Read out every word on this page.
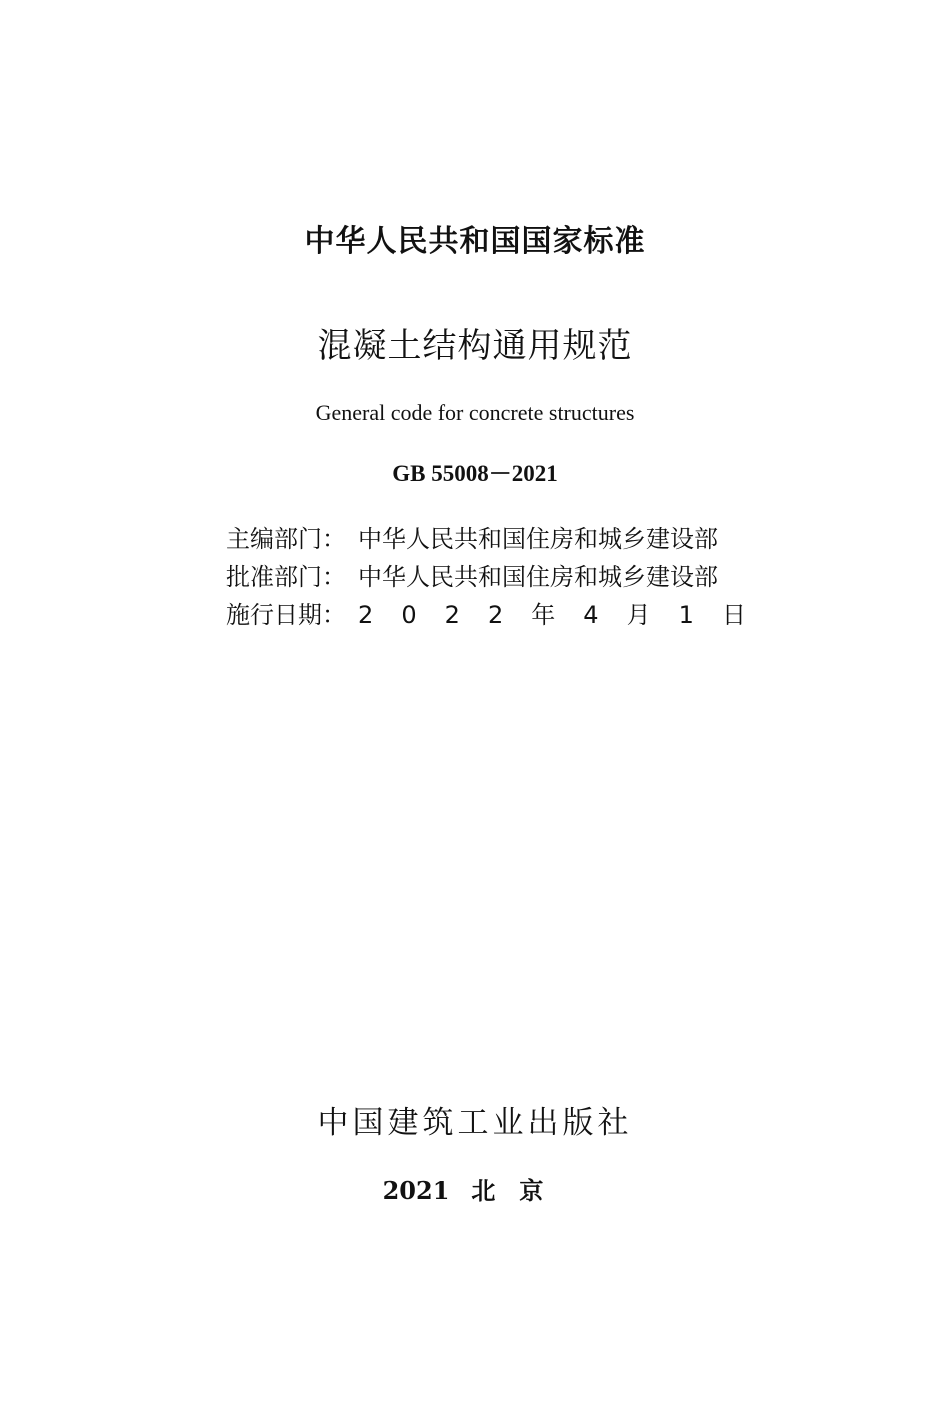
中华人民共和国国家标准
混凝土结构通用规范
General code for concrete structures
GB 55008－2021
主编部门： 中华人民共和国住房和城乡建设部
批准部门： 中华人民共和国住房和城乡建设部
施行日期： 2 0 2 2 年 4 月 1 日
中国建筑工业出版社
2021 北京
